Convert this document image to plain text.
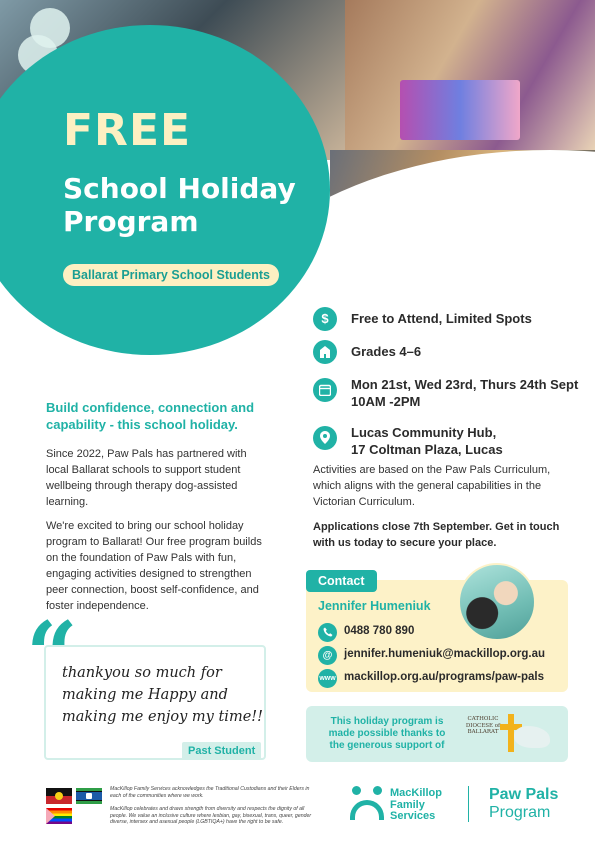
FREE
School Holiday
Program
Ballarat Primary School Students
$	Free to Attend, Limited Spots
Grades 4–6
Mon 21st, Wed 23rd, Thurs 24th Sept
10AM -2PM
Lucas Community Hub,
17 Coltman Plaza, Lucas
Activities are based on the Paw Pals Curriculum, which aligns with the general capabilities in the Victorian Curriculum.
Applications close 7th September. Get in touch with us today to secure your place.
Build confidence, connection and capability - this school holiday.
Since 2022, Paw Pals has partnered with local Ballarat schools to support student wellbeing through therapy dog-assisted learning.
We're excited to bring our school holiday program to Ballarat! Our free program builds on the foundation of Paw Pals with fun, engaging activities designed to strengthen peer connection, boost self-confidence, and foster independence.
“
thankyou so much for
making me Happy and
making me enjoy my time!!
Past Student
Contact
Jennifer Humeniuk
0488 780 890
@	jennifer.humeniuk@mackillop.org.au
www mackillop.org.au/programs/paw-pals
This holiday program is made possible thanks to the generous support of
CATHOLIC DIOCESE of BALLARAT
MacKillop Family Services acknowledges the Traditional Custodians and their Elders in each of the communities where we work.
MacKillop celebrates and draws strength from diversity and respects the dignity of all people. We value an inclusive culture where lesbian, gay, bisexual, trans, queer, gender diverse, intersex and asexual people (LGBTIQA+) have the right to be safe.
MacKillop
Family
Services
Paw Pals
Program
